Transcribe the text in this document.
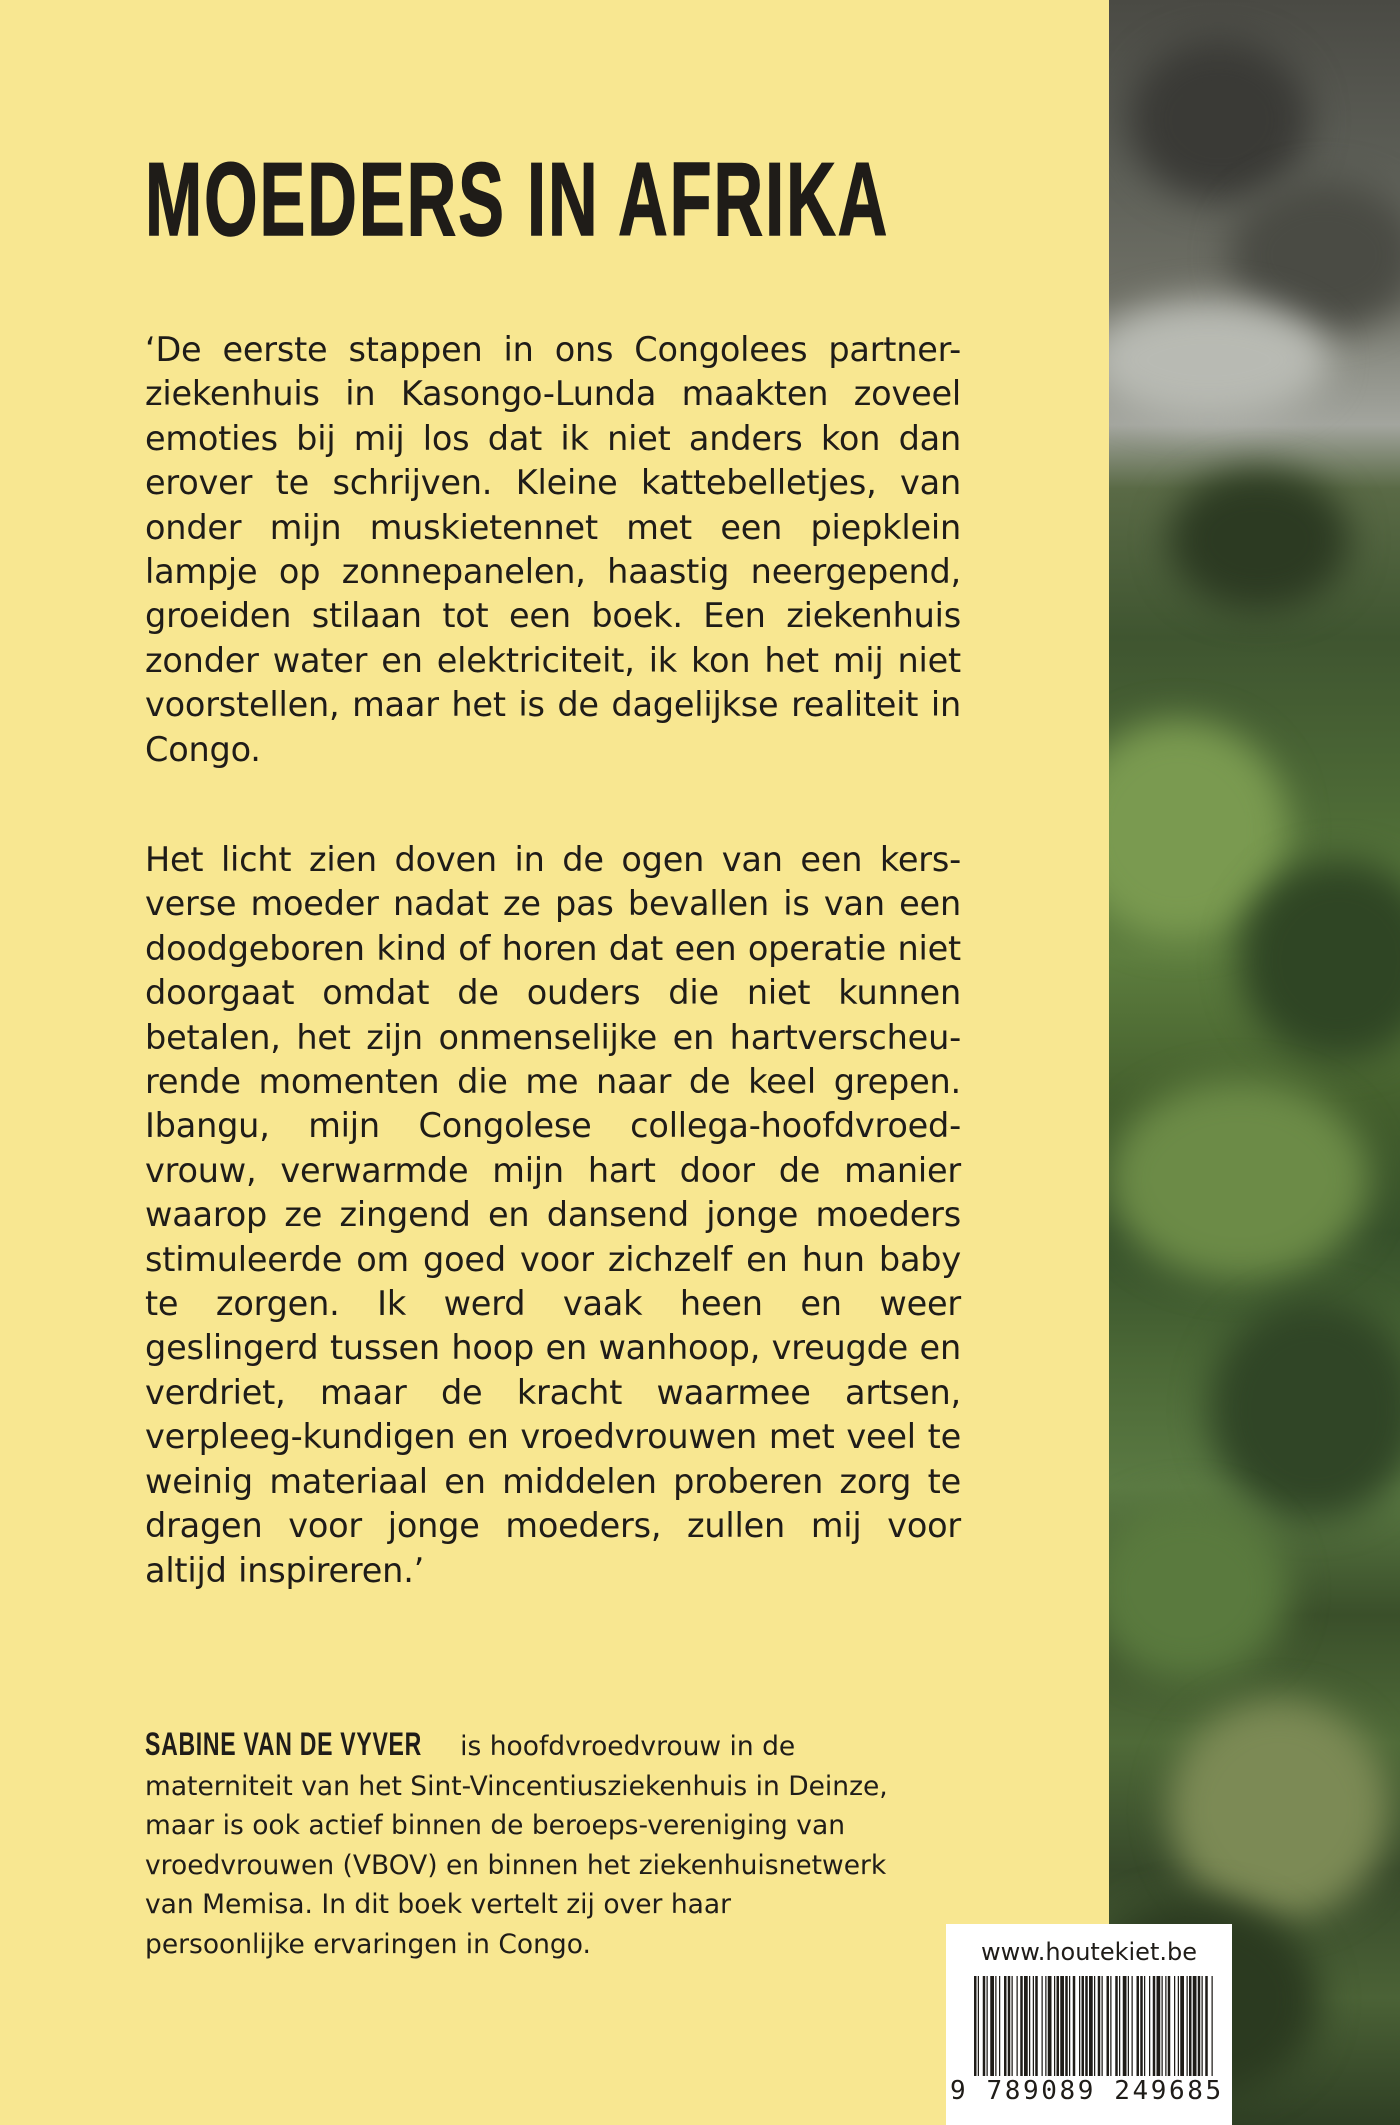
MOEDERS IN AFRIKA
‘De eerste stappen in ons Congolees partner-ziekenhuis in Kasongo-Lunda maakten zoveel emoties bij mij los dat ik niet anders kon dan erover te schrijven. Kleine kattebelletjes, van onder mijn muskietennet met een piepklein lampje op zonnepanelen, haastig neergepend, groeiden stilaan tot een boek. Een ziekenhuis zonder water en elektriciteit, ik kon het mij niet voorstellen, maar het is de dagelijkse realiteit in Congo.
Het licht zien doven in de ogen van een kers-verse moeder nadat ze pas bevallen is van een doodgeboren kind of horen dat een operatie niet doorgaat omdat de ouders die niet kunnen betalen, het zijn onmenselijke en hartverscheu-rende momenten die me naar de keel grepen. Ibangu, mijn Congolese collega-hoofdvroed-vrouw, verwarmde mijn hart door de manier waarop ze zingend en dansend jonge moeders stimuleerde om goed voor zichzelf en hun baby te zorgen. Ik werd vaak heen en weer geslingerd tussen hoop en wanhoop, vreugde en verdriet, maar de kracht waarmee artsen, verpleeg-kundigen en vroedvrouwen met veel te weinig materiaal en middelen proberen zorg te dragen voor jonge moeders, zullen mij voor altijd inspireren.’
SABINE VAN DE VYVER is hoofdvroedvrouw in de materniteit van het Sint-Vincentiusziekenhuis in Deinze, maar is ook actief binnen de beroeps-vereniging van vroedvrouwen (VBOV) en binnen het ziekenhuisnetwerk van Memisa. In dit boek vertelt zij over haar persoonlijke ervaringen in Congo.	www.houtekiet.be
9 789089 249685
